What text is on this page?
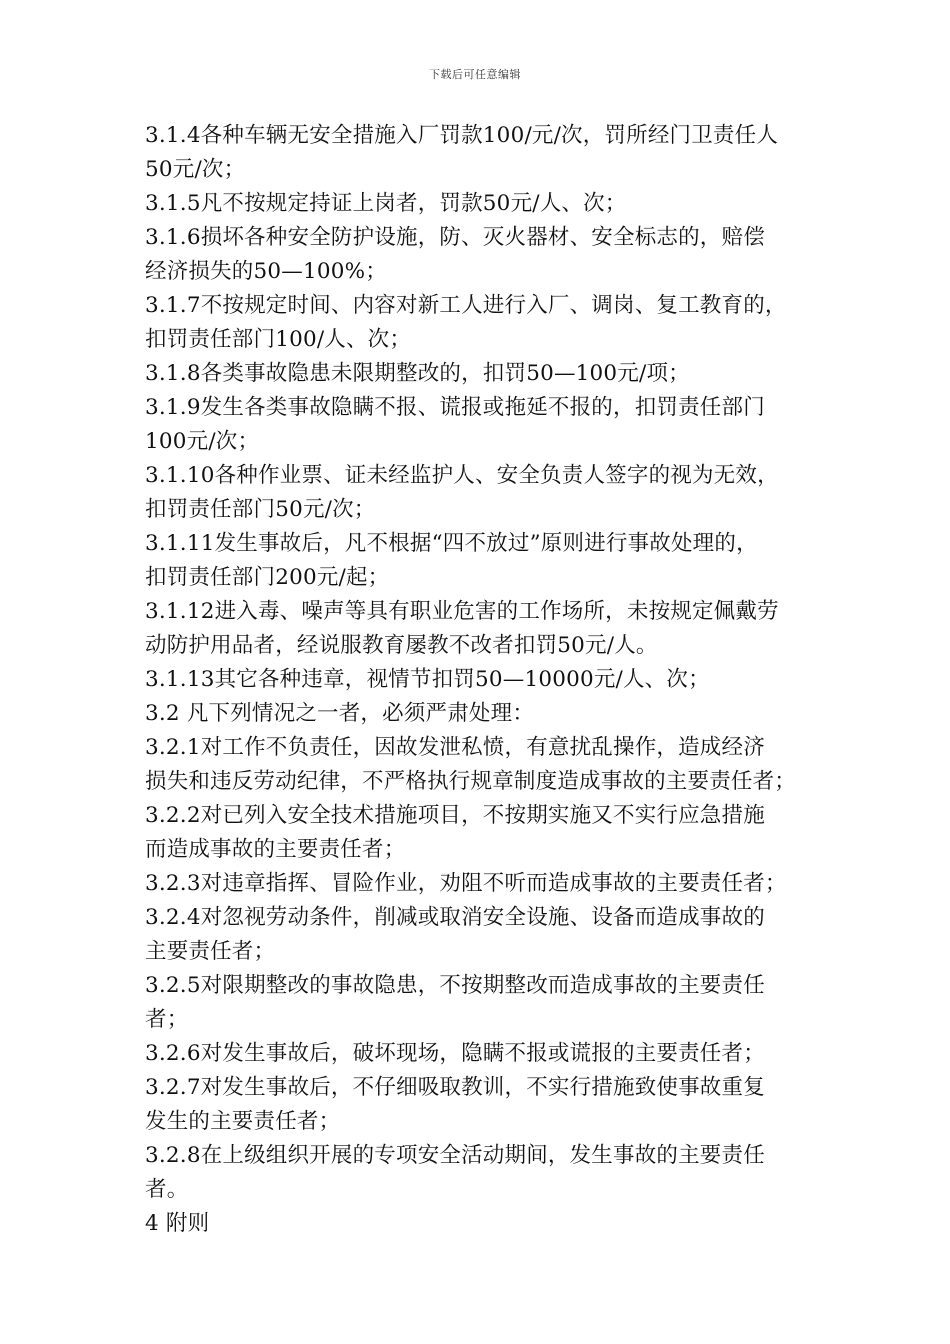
下载后可任意编辑
3.1.4各种车辆无安全措施入厂罚款100/元/次，罚所经门卫责任人
50元/次；
3.1.5凡不按规定持证上岗者，罚款50元/人、次；
3.1.6损坏各种安全防护设施，防、灭火器材、安全标志的，赔偿
经济损失的50—100%；
3.1.7不按规定时间、内容对新工人进行入厂、调岗、复工教育的，
扣罚责任部门100/人、次；
3.1.8各类事故隐患未限期整改的，扣罚50—100元/项；
3.1.9发生各类事故隐瞒不报、谎报或拖延不报的，扣罚责任部门
100元/次；
3.1.10各种作业票、证未经监护人、安全负责人签字的视为无效，
扣罚责任部门50元/次；
3.1.11发生事故后，凡不根据“四不放过”原则进行事故处理的，
扣罚责任部门200元/起；
3.1.12进入毒、噪声等具有职业危害的工作场所，未按规定佩戴劳
动防护用品者，经说服教育屡教不改者扣罚50元/人。
3.1.13其它各种违章，视情节扣罚50—10000元/人、次；
3.2 凡下列情况之一者，必须严肃处理：
3.2.1对工作不负责任，因故发泄私愤，有意扰乱操作，造成经济
损失和违反劳动纪律，不严格执行规章制度造成事故的主要责任者；
3.2.2对已列入安全技术措施项目，不按期实施又不实行应急措施
而造成事故的主要责任者；
3.2.3对违章指挥、冒险作业，劝阻不听而造成事故的主要责任者；
3.2.4对忽视劳动条件，削减或取消安全设施、设备而造成事故的
主要责任者；
3.2.5对限期整改的事故隐患，不按期整改而造成事故的主要责任
者；
3.2.6对发生事故后，破坏现场，隐瞒不报或谎报的主要责任者；
3.2.7对发生事故后，不仔细吸取教训，不实行措施致使事故重复
发生的主要责任者；
3.2.8在上级组织开展的专项安全活动期间，发生事故的主要责任
者。
4 附则
